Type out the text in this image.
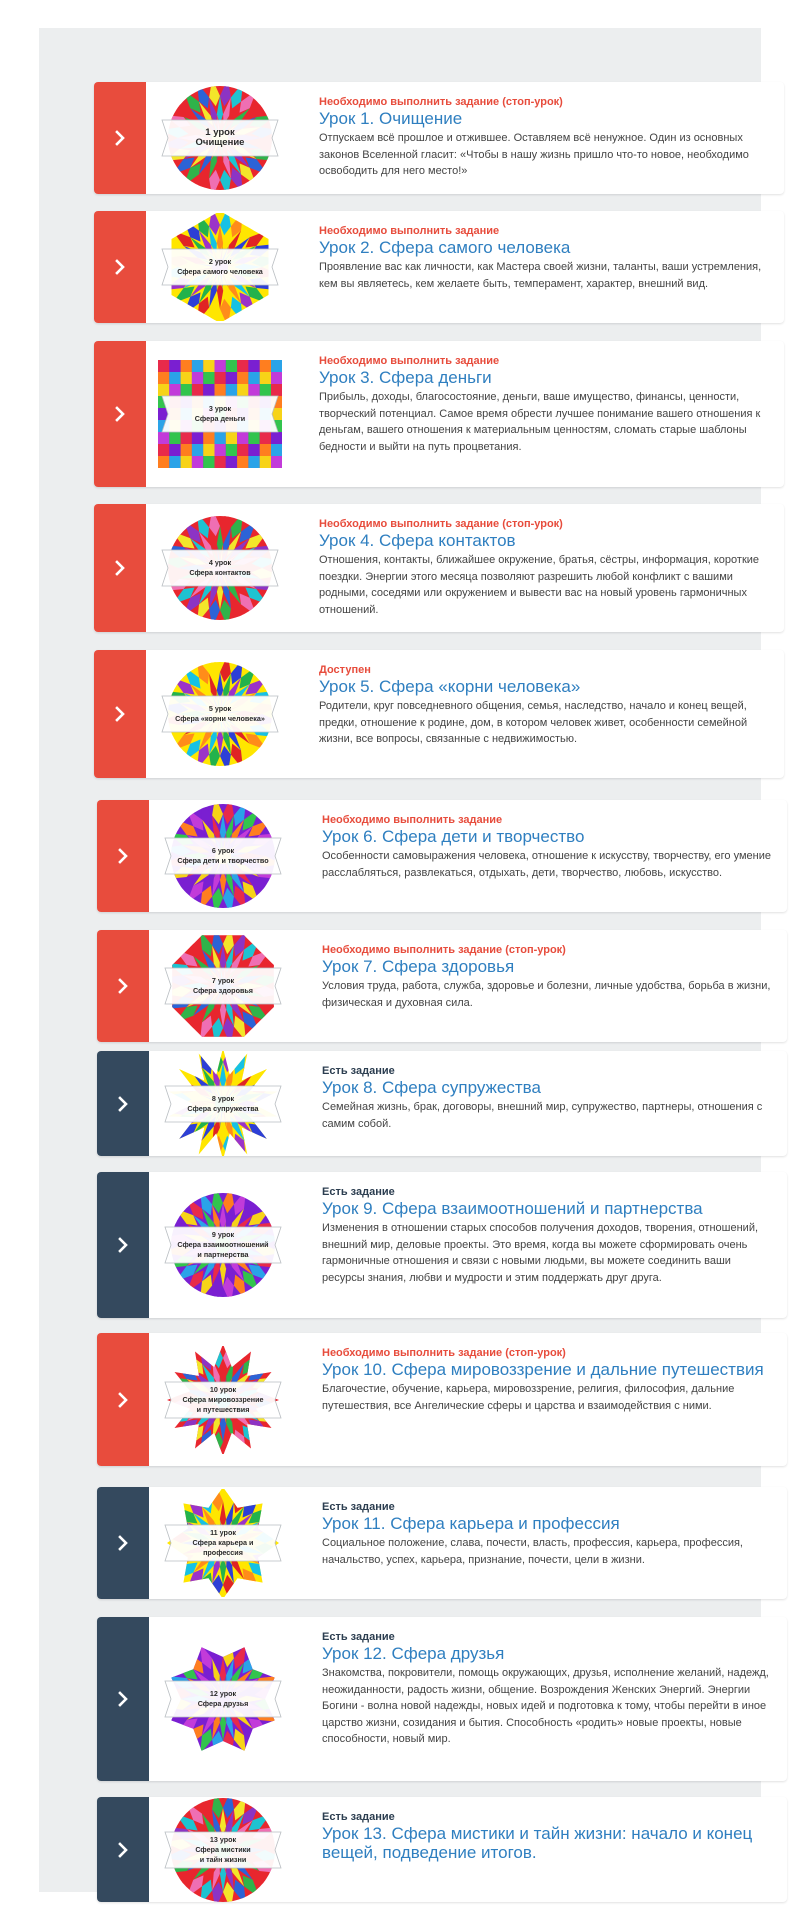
1 урок
Очищение

Необходимо выполнить задание (стоп-урок)

Урок 1. Очищение

Отпускаем всё прошлое и отжившее. Оставляем всё ненужное. Один из основных законов Вселенной гласит: «Чтобы в нашу жизнь пришло что-то новое, необходимо освободить для него место!»

2 урок
Сфера самого человека

Необходимо выполнить задание

Урок 2. Сфера самого человека

Проявление вас как личности, как Мастера своей жизни, таланты, ваши устремления, кем вы являетесь, кем желаете быть, темперамент, характер, внешний вид.

3 урок
Сфера деньги

Необходимо выполнить задание

Урок 3. Сфера деньги

Прибыль, доходы, благосостояние, деньги, ваше имущество, финансы, ценности, творческий потенциал. Самое время обрести лучшее понимание вашего отношения к деньгам, вашего отношения к материальным ценностям, сломать старые шаблоны бедности и выйти на путь процветания.

4 урок
Сфера контактов

Необходимо выполнить задание (стоп-урок)

Урок 4. Сфера контактов

Отношения, контакты, ближайшее окружение, братья, сёстры, информация, короткие поездки. Энергии этого месяца позволяют разрешить любой конфликт с вашими родными, соседями или окружением и вывести вас на новый уровень гармоничных отношений.

5 урок
Сфера «корни человека»

Доступен

Урок 5. Сфера «корни человека»

Родители, круг повседневного общения, семья, наследство, начало и конец вещей, предки, отношение к родине, дом, в котором человек живет, особенности семейной жизни, все вопросы, связанные с недвижимостью.

6 урок
Сфера дети и творчество

Необходимо выполнить задание

Урок 6. Сфера дети и творчество

Особенности самовыражения человека, отношение к искусству, творчеству, его умение расслабляться, развлекаться, отдыхать, дети, творчество, любовь, искусство.

7 урок
Сфера здоровья

Необходимо выполнить задание (стоп-урок)

Урок 7. Сфера здоровья

Условия труда, работа, служба, здоровье и болезни, личные удобства, борьба в жизни, физическая и духовная сила.

8 урок
Сфера супружества

Есть задание

Урок 8. Сфера супружества

Семейная жизнь, брак, договоры, внешний мир, супружество, партнеры, отношения с самим собой.

9 урок
Сфера взаимоотношений
и партнерства

Есть задание

Урок 9. Сфера взаимоотношений и партнерства

Изменения в отношении старых способов получения доходов, творения, отношений, внешний мир, деловые проекты. Это время, когда вы можете сформировать очень гармоничные отношения и связи с новыми людьми, вы можете соединить ваши ресурсы знания, любви и мудрости и этим поддержать друг друга.

10 урок
Сфера мировоззрение
и путешествия

Необходимо выполнить задание (стоп-урок)

Урок 10. Сфера мировоззрение и дальние путешествия

Благочестие, обучение, карьера, мировоззрение, религия, философия, дальние путешествия, все Ангелические сферы и царства и взаимодействия с ними.

11 урок
Сфера карьера и
профессия

Есть задание

Урок 11. Сфера карьера и профессия

Социальное положение, слава, почести, власть, профессия, карьера, профессия, начальство, успех, карьера, признание, почести, цели в жизни.

12 урок
Сфера друзья

Есть задание

Урок 12. Сфера друзья

Знакомства, покровители, помощь окружающих, друзья, исполнение желаний, надежд, неожиданности, радость жизни, общение. Возрождения Женских Энергий. Энергии Богини - волна новой надежды, новых идей и подготовка к тому, чтобы перейти в иное царство жизни, созидания и бытия. Способность «родить» новые проекты, новые способности, новый мир.

13 урок
Сфера мистики
и тайн жизни

Есть задание

Урок 13. Сфера мистики и тайн жизни: начало и конец вещей, подведение итогов.
